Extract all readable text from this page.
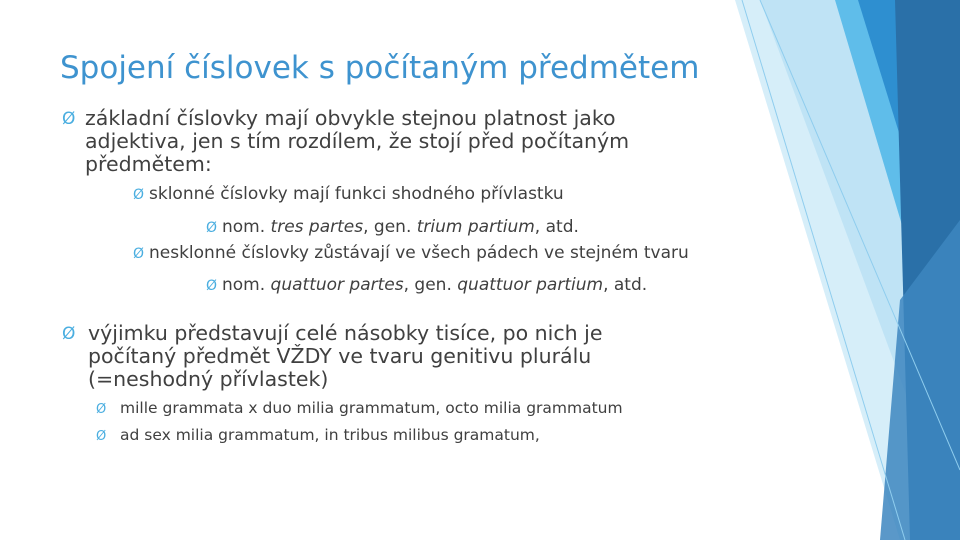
Spojení číslovek s počítaným předmětem
Ø základní číslovky mají obvykle stejnou platnost jako adjektiva, jen s tím rozdílem, že stojí před počítaným předmětem:
Ø sklonné číslovky mají funkci shodného přívlastku
Ø nom. tres partes, gen. trium partium, atd.
Ø nesklonné číslovky zůstávají ve všech pádech ve stejném tvaru
Ø nom. quattuor partes, gen. quattuor partium, atd.
Ø výjimku představují celé násobky tisíce, po nich je počítaný předmět VŽDY ve tvaru genitivu plurálu (=neshodný přívlastek)
Ø mille grammata x duo milia grammatum, octo milia grammatum
Ø ad sex milia grammatum, in tribus milibus gramatum,
